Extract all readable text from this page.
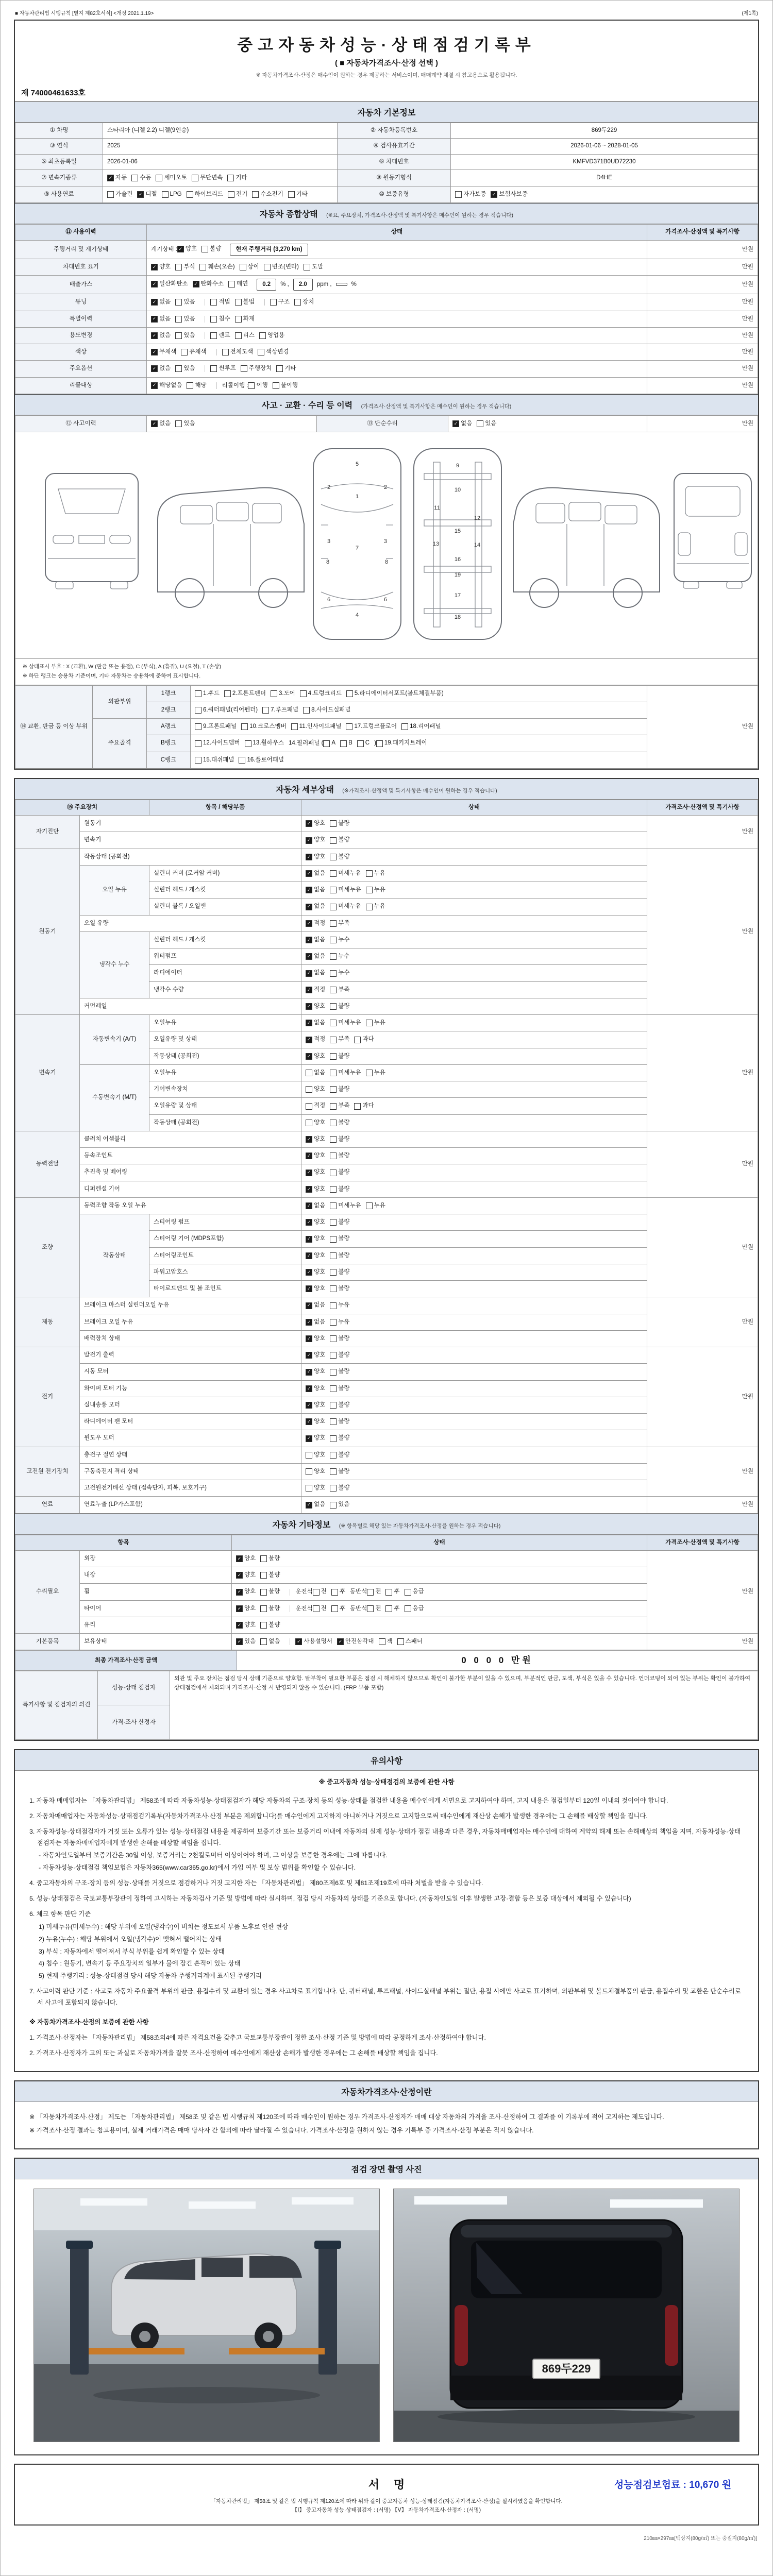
■ 자동차관리법 시행규칙 [별지 제82호서식] <개정 2021.1.19>	(제1쪽)
중고자동차성능·상태점검기록부
( ■ 자동차가격조사·산정 선택 )
※ 자동차가격조사·산정은 매수인이 원하는 경우 제공하는 서비스이며, 매매계약 체결 시 참고용으로 활용됩니다.
제 74000461633호
자동차 기본정보
① 차명	스타리아 (디젤 2.2) 디젤(9인승)	② 자동차등록번호	869두229
③ 연식	2025	④ 검사유효기간	2026-01-06 ~ 2028-01-05
⑤ 최초등록일	2026-01-06	⑥ 차대번호	KMFVD371B0UD72230
⑦ 변속기종류	✓ 자동 수동 세미오토 무단변속 기타	⑧ 원동기형식	D4HE
⑨ 사용연료	가솔린	✓ 디젤 LPG 하이브리드 전기 수소전기 기타	⑩ 보증유형	자가보증	✓ 보험사보증
자동차 종합상태 (※요, 주요장치, 가격조사·산정액 및 특기사항은 매수인이 원하는 경우 적습니다)
⑪ 사용이력	상태	가격조사·산정액 및 특기사항
주행거리 및 계기상태	계기상태 : ✓ 양호 불량 현재 주행거리 (3,270 km)	만원
차대번호 표기	✓ 양호 부식 훼손(오손) 상이 변조(변타) 도말	만원
배출가스	✓ 일산화탄소	✓ 탄화수소 매연 0.2 % , 2.0 ppm ,	%	만원
튜닝	✓ 없음 있음	적법 불법	구조 장치	만원
특별이력	✓ 없음 있음 침수 화재	만원
용도변경	✓ 없음 있음	렌트 리스 영업용	만원
색상	✓ 무채색 유채색 전체도색 색상변경	만원
주요옵션	✓ 없음 있음	썬루프 주행장치 기타	만원
리콜대상	✓ 해당없음 해당	리콜이행 : 이행 불이행	만원
사고 · 교환 · 수리 등 이력 (가격조사·산정액 및 특기사항은 매수인이 원하는 경우 적습니다)
⑫ 사고이력	✓ 없음 있음	⑬ 단순수리	✓ 없음 있음	만원
5
2	2
1
3	3
7
8	8
6	6
4
9
10
11
15
12
13	14
16
19
17
18
※ 상태표시 부호 : X (교환), W (판금 또는 용접), C (부식), A (흠집), U (요철), T (손상)
※ 하단 랭크는 승용차 기준이며, 기타 자동차는 승용차에 준하여 표시합니다.
⑭ 교환, 판금 등 이상 부위	외판부위	1랭크	1.후드 2.프론트펜더 3.도어 4.트렁크리드 5.라디에이터서포트(볼트체결부품)	만원
		2랭크	6.쿼터패널(리어펜더) 7.루프패널 8.사이드실패널	

	주요골격	A랭크	9.프론트패널 10.크로스멤버 11.인사이드패널 17.트렁크플로어 18.리어패널	

B랭크	12.사이드멤버 13.휠하우스 14.필러패널 ( A B C ) 19.패키지트레이

		C랭크	15.대쉬패널 16.플로어패널	
자동차 세부상태 (※가격조사·산정액 및 특기사항은 매수인이 원하는 경우 적습니다)
⑮ 주요장치		항목 / 해당부품	상태	가격조사·산정액 및 특기사항
자기진단	원동기		✓ 양호 불량	만원
	변속기		✓ 양호 불량	

원동기	작동상태 (공회전)		✓ 양호 불량	만원
	오일 누유	실린더 커버 (로커암 커버)	✓ 없음 미세누유 누유	

		실린더 헤드 / 개스킷	✓ 없음 미세누유 누유	

		실린더 블록 / 오일팬	✓ 없음 미세누유 누유	

	오일 유량		✓ 적정 부족	

	냉각수 누수	실린더 헤드 / 개스킷	✓ 없음 누수	

		워터펌프	✓ 없음 누수	

		라디에이터	✓ 없음 누수	

		냉각수 수량	✓ 적정 부족	

	커먼레일		✓ 양호 불량	

변속기	자동변속기 (A/T)	오일누유	✓ 없음 미세누유 누유	만원
		오일유량 및 상태	✓ 적정 부족 과다	

		작동상태 (공회전)	✓ 양호 불량	

	수동변속기 (M/T)	오일누유	없음 미세누유 누유	

		기어변속장치	양호 불량	

		오일유량 및 상태	적정 부족 과다	

		작동상태 (공회전)	양호 불량	

동력전달	클러치 어셈블리		✓ 양호 불량	만원
	등속조인트		✓ 양호 불량	

	추진축 및 베어링		✓ 양호 불량	

	디퍼렌셜 기어		✓ 양호 불량	

조향	동력조향 작동 오일 누유		✓ 없음 미세누유 누유	만원
	작동상태	스티어링 펌프	✓ 양호 불량	

		스티어링 기어 (MDPS포함)	✓ 양호 불량	

		스티어링조인트	✓ 양호 불량	

		파워고압호스	✓ 양호 불량	

		타이로드엔드 및 볼 조인트	✓ 양호 불량	

제동	브레이크 마스터 실린더오일 누유		✓ 없음 누유	만원
	브레이크 오일 누유		✓ 없음 누유	

	배력장치 상태		✓ 양호 불량	

전기	발전기 출력		✓ 양호 불량	만원
	시동 모터		✓ 양호 불량	

	와이퍼 모터 기능		✓ 양호 불량	

	실내송풍 모터		✓ 양호 불량	

	라디에이터 팬 모터		✓ 양호 불량	

	윈도우 모터		✓ 양호 불량	

고전원 전기장치	충전구 절연 상태		양호 불량	만원
	구동축전지 격리 상태		양호 불량	

	고전원전기배선 상태 (접속단자, 피복, 보호기구)		양호 불량	

연료	연료누출 (LP가스포함)		✓ 없음 있음	만원
자동차 기타정보 (※ 항목별로 해당 있는 자동차가격조사·산정을 원하는 경우 적습니다)
항목		상태	가격조사·산정액 및 특기사항
수리필요	외장	✓ 양호 불량	만원
	내장	✓ 양호 불량	

휠	✓ 양호 불량	운전석 전 후 동반석 전 후 응급

타이어	✓ 양호 불량	운전석 전 후 동반석 전 후 응급

	유리	✓ 양호 불량	

기본품목	보유상태	✓ 있음 없음	✓ 사용설명서	✓ 안전삼각대 잭 스패너	만원
최종 가격조사·산정 금액	0 0 0 0 만원
특기사항 및 점검자의 의견	성능·상태 점검자	외관 및 주요 장치는 점검 당시 상태 기준으로 양호함. 탈부착이 필요한 부품은 점검 시 해체하지 않으므로 확인이 불가한 부분이 있을 수 있으며, 부분적인 판금, 도색, 부식은 있을 수 있습니다. 언더코팅이 되어 있는 부위는 확인이 불가하여 상태점검에서 제외되며 가격조사·산정 시 반영되지 않을 수 있습니다. (FRP 부품 포함)
가격·조사 산정자
유의사항
※ 중고자동차 성능·상태점검의 보증에 관한 사항

1. 자동차 매매업자는 「자동차관리법」 제58조에 따라 자동차성능·상태점검자가 해당 자동차의 구조·장치 등의 성능·상태를 점검한 내용을 매수인에게 서면으로 고지하여야 하며, 고지 내용은 점검일부터 120일 이내의 것이어야 합니다.

2. 자동차매매업자는 자동차성능·상태점검기록부(자동차가격조사·산정 부분은 제외합니다)를 매수인에게 고지하지 아니하거나 거짓으로 고지함으로써 매수인에게 재산상 손해가 발생한 경우에는 그 손해를 배상할 책임을 집니다.

3. 자동차성능·상태점검자가 거짓 또는 오류가 있는 성능·상태점검 내용을 제공하여 보증기간 또는 보증거리 이내에 자동차의 실제 성능·상태가 점검 내용과 다른 경우, 자동차매매업자는 매수인에 대하여 계약의 해제 또는 손해배상의 책임을 지며, 자동차성능·상태점검자는 자동차매매업자에게 발생한 손해를 배상할 책임을 집니다.

- 자동차인도일부터 보증기간은 30일 이상, 보증거리는 2천킬로미터 이상이어야 하며, 그 이상을 보증한 경우에는 그에 따릅니다.

- 자동차성능·상태점검 책임보험은 자동차365(www.car365.go.kr)에서 가입 여부 및 보상 범위를 확인할 수 있습니다.

4. 중고자동차의 구조·장치 등의 성능·상태를 거짓으로 점검하거나 거짓 고지한 자는 「자동차관리법」 제80조제6호 및 제81조제19호에 따라 처벌을 받을 수 있습니다.

5. 성능·상태점검은 국토교통부장관이 정하여 고시하는 자동차검사 기준 및 방법에 따라 실시하며, 점검 당시 자동차의 상태를 기준으로 합니다. (자동차인도일 이후 발생한 고장·결함 등은 보증 대상에서 제외될 수 있습니다)

6. 체크 항목 판단 기준

1) 미세누유(미세누수) : 해당 부위에 오일(냉각수)이 비치는 정도로서 부품 노후로 인한 현상

2) 누유(누수) : 해당 부위에서 오일(냉각수)이 맺혀서 떨어지는 상태

3) 부식 : 자동차에서 떨어져서 부식 부위를 쉽게 확인할 수 있는 상태

4) 침수 : 원동기, 변속기 등 주요장치의 일부가 물에 잠긴 흔적이 있는 상태

5) 현재 주행거리 : 성능·상태점검 당시 해당 자동차 주행거리계에 표시된 주행거리

7. 사고이력 판단 기준 : 사고로 자동차 주요골격 부위의 판금, 용접수리 및 교환이 있는 경우 사고차로 표기합니다. 단, 쿼터패널, 루프패널, 사이드실패널 부위는 절단, 용접 시에만 사고로 표기하며, 외판부위 및 볼트체결부품의 판금, 용접수리 및 교환은 단순수리로서 사고에 포함되지 않습니다.

※ 자동차가격조사·산정의 보증에 관한 사항

1. 가격조사·산정자는 「자동차관리법」 제58조의4에 따른 자격요건을 갖추고 국토교통부장관이 정한 조사·산정 기준 및 방법에 따라 공정하게 조사·산정하여야 합니다.

2. 가격조사·산정자가 고의 또는 과실로 자동차가격을 잘못 조사·산정하여 매수인에게 재산상 손해가 발생한 경우에는 그 손해를 배상할 책임을 집니다.

자동차가격조사·산정이란

※ 「자동차가격조사·산정」 제도는 「자동차관리법」 제58조 및 같은 법 시행규칙 제120조에 따라 매수인이 원하는 경우 가격조사·산정자가 매매 대상 자동차의 가격을 조사·산정하여 그 결과를 이 기록부에 적어 고지하는 제도입니다.

※ 가격조사·산정 결과는 참고용이며, 실제 거래가격은 매매 당사자 간 합의에 따라 달라질 수 있습니다. 가격조사·산정을 원하지 않는 경우 기록부 중 가격조사·산정 부분은 적지 않습니다.

점검 장면 촬영 사진
869두229
서명	성능점검보험료 : 10,670 원
「자동차관리법」 제58조 및 같은 법 시행규칙 제120조에 따라 위와 같이 중고자동차 성능·상태점검(자동차가격조사·산정)을 실시하였음을 확인합니다.
【Ⅰ】 중고자동차 성능·상태점검자 : (서명) 【Ⅴ】 자동차가격조사·산정자 : (서명)
210㎜×297㎜[백상지(80g/㎡) 또는 중질지(80g/㎡)]
